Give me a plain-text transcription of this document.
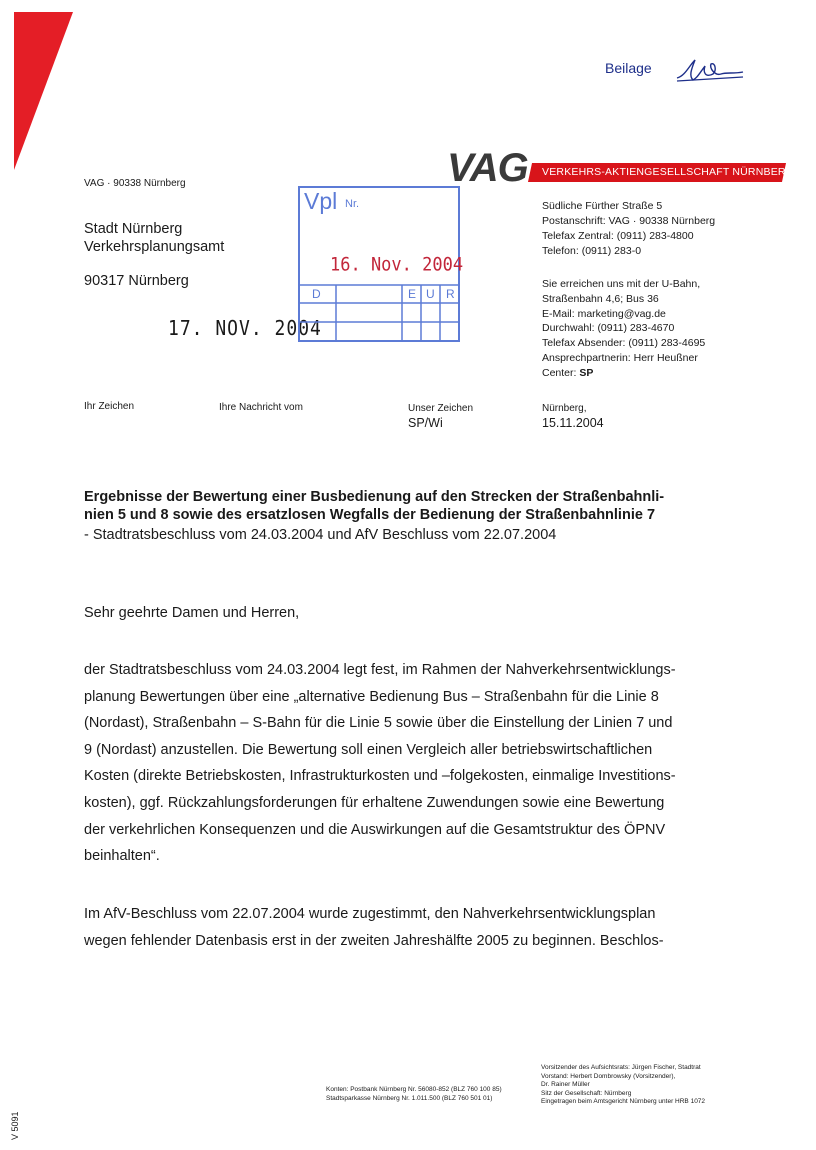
Beilage
VERKEHRS-AKTIENGESELLSCHAFT NÜRNBERG
VAG
VAG · 90338 Nürnberg
Stadt Nürnberg
Verkehrsplanungsamt
90317 Nürnberg
17. NOV. 2004
Vpl Nr.
16. Nov. 2004
D	E U R
Südliche Fürther Straße 5
Postanschrift: VAG · 90338 Nürnberg
Telefax Zentral: (0911) 283-4800
Telefon: (0911) 283-0
Sie erreichen uns mit der U-Bahn,
Straßenbahn 4,6; Bus 36
E-Mail: marketing@vag.de
Durchwahl: (0911) 283-4670
Telefax Absender: (0911) 283-4695
Ansprechpartnerin: Herr Heußner
Center: SP
Ihr Zeichen	Ihre Nachricht vom	Unser Zeichen
SP/Wi
Nürnberg,
15.11.2004
Ergebnisse der Bewertung einer Busbedienung auf den Strecken der Straßenbahnli-
nien 5 und 8 sowie des ersatzlosen Wegfalls der Bedienung der Straßenbahnlinie 7
- Stadtratsbeschluss vom 24.03.2004 und AfV Beschluss vom 22.07.2004
Sehr geehrte Damen und Herren,
der Stadtratsbeschluss vom 24.03.2004 legt fest, im Rahmen der Nahverkehrsentwicklungs-
planung Bewertungen über eine „alternative Bedienung Bus – Straßenbahn für die Linie 8
(Nordast), Straßenbahn – S-Bahn für die Linie 5 sowie über die Einstellung der Linien 7 und
9 (Nordast) anzustellen. Die Bewertung soll einen Vergleich aller betriebswirtschaftlichen
Kosten (direkte Betriebskosten, Infrastrukturkosten und –folgekosten, einmalige Investitions-
kosten), ggf. Rückzahlungsforderungen für erhaltene Zuwendungen sowie eine Bewertung
der verkehrlichen Konsequenzen und die Auswirkungen auf die Gesamtstruktur des ÖPNV
beinhalten“.
Im AfV-Beschluss vom 22.07.2004 wurde zugestimmt, den Nahverkehrsentwicklungsplan
wegen fehlender Datenbasis erst in der zweiten Jahreshälfte 2005 zu beginnen. Beschlos-
Konten: Postbank Nürnberg Nr. 56080-852 (BLZ 760 100 85)
Stadtsparkasse Nürnberg Nr. 1.011.500 (BLZ 760 501 01)
Vorsitzender des Aufsichtsrats: Jürgen Fischer, Stadtrat
Vorstand: Herbert Dombrowsky (Vorsitzender),
Dr. Rainer Müller
Sitz der Gesellschaft: Nürnberg
Eingetragen beim Amtsgericht Nürnberg unter HRB 1072
V 5091
